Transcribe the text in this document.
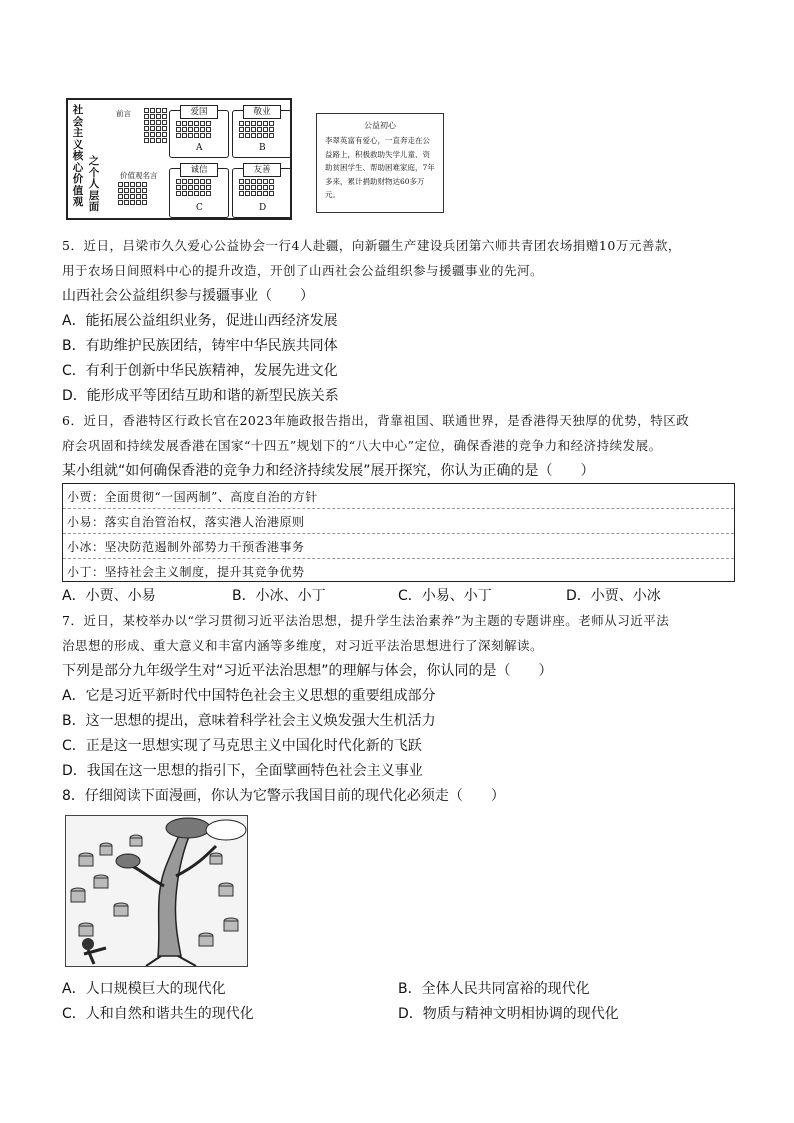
社会主义核心价值观
之个人层面
前言
价值观名言
爱国
A
敬业
B
诚信
C
友善
D
公益初心
李翠英富有爱心，一直奔走在公益路上，积极救助失学儿童、资助贫困学生、帮助困难家庭，7年多来，累计捐助财物达60多万元。
5．近日，吕梁市久久爱心公益协会一行4人赴疆，向新疆生产建设兵团第六师共青团农场捐赠10万元善款，
用于农场日间照料中心的提升改造，开创了山西社会公益组织参与援疆事业的先河。
山西社会公益组织参与援疆事业（　　）
A．能拓展公益组织业务，促进山西经济发展
B．有助维护民族团结，铸牢中华民族共同体
C．有利于创新中华民族精神，发展先进文化
D．能形成平等团结互助和谐的新型民族关系
6．近日，香港特区行政长官在2023年施政报告指出，背靠祖国、联通世界，是香港得天独厚的优势，特区政
府会巩固和持续发展香港在国家“十四五”规划下的“八大中心”定位，确保香港的竞争力和经济持续发展。
某小组就“如何确保香港的竞争力和经济持续发展”展开探究，你认为正确的是（　　）
小贾：全面贯彻“一国两制”、高度自治的方针
小易：落实自治管治权，落实港人治港原则
小冰：坚决防范遏制外部势力干预香港事务
小丁：坚持社会主义制度，提升其竞争优势
A．小贾、小易	B．小冰、小丁	C．小易、小丁	D．小贾、小冰
7．近日，某校举办以“学习贯彻习近平法治思想，提升学生法治素养”为主题的专题讲座。老师从习近平法
治思想的形成、重大意义和丰富内涵等多维度，对习近平法治思想进行了深刻解读。
下列是部分九年级学生对“习近平法治思想”的理解与体会，你认同的是（　　）
A．它是习近平新时代中国特色社会主义思想的重要组成部分
B．这一思想的提出，意味着科学社会主义焕发强大生机活力
C．正是这一思想实现了马克思主义中国化时代化新的飞跃
D．我国在这一思想的指引下，全面擘画特色社会主义事业
8．仔细阅读下面漫画，你认为它警示我国目前的现代化必须走（　　）
A．人口规模巨大的现代化	B．全体人民共同富裕的现代化
C．人和自然和谐共生的现代化	D．物质与精神文明相协调的现代化
